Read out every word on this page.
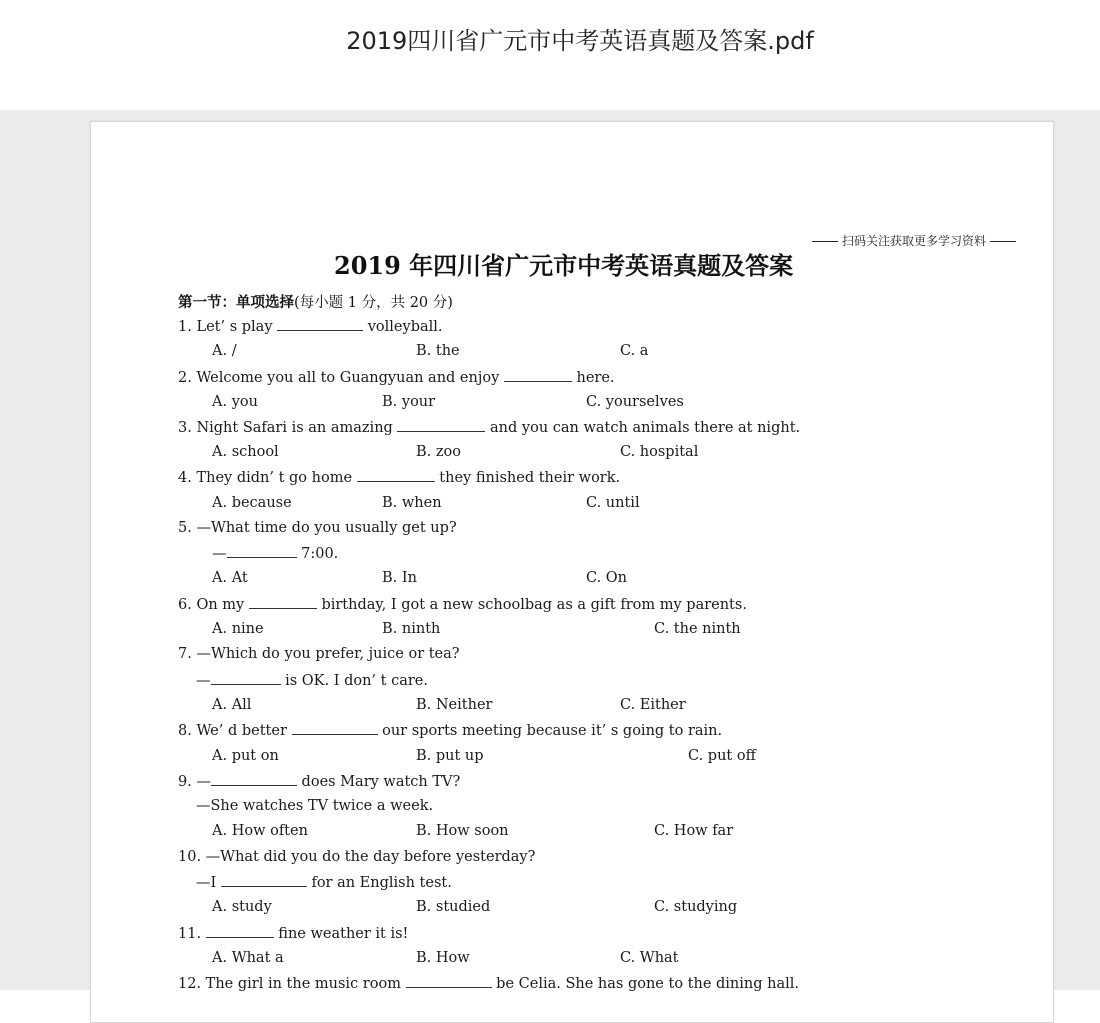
2019四川省广元市中考英语真题及答案.pdf
扫码关注获取更多学习资料
2019 年四川省广元市中考英语真题及答案
第一节：单项选择(每小题 1 分，共 20 分)
1. Let’ s play	volleyball.
A. /	B. the	C. a
2. Welcome you all to Guangyuan and enjoy	here.
A. you	B. your	C. yourselves
3. Night Safari is an amazing	and you can watch animals there at night.
A. school	B. zoo	C. hospital
4. They didn’ t go home	they finished their work.
A. because	B. when	C. until
5. —What time do you usually get up?
—	7:00.
A. At	B. In	C. On
6. On my	birthday, I got a new schoolbag as a gift from my parents.
A. nine	B. ninth	C. the ninth
7. —Which do you prefer, juice or tea?
—	is OK. I don’ t care.
A. All	B. Neither	C. Either
8. We’ d better	our sports meeting because it’ s going to rain.
A. put on	B. put up	C. put off
9. —	does Mary watch TV?
—She watches TV twice a week.
A. How often	B. How soon	C. How far
10. —What did you do the day before yesterday?
—I	for an English test.
A. study	B. studied	C. studying
11.	fine weather it is!
A. What a	B. How	C. What
12. The girl in the music room	be Celia. She has gone to the dining hall.
